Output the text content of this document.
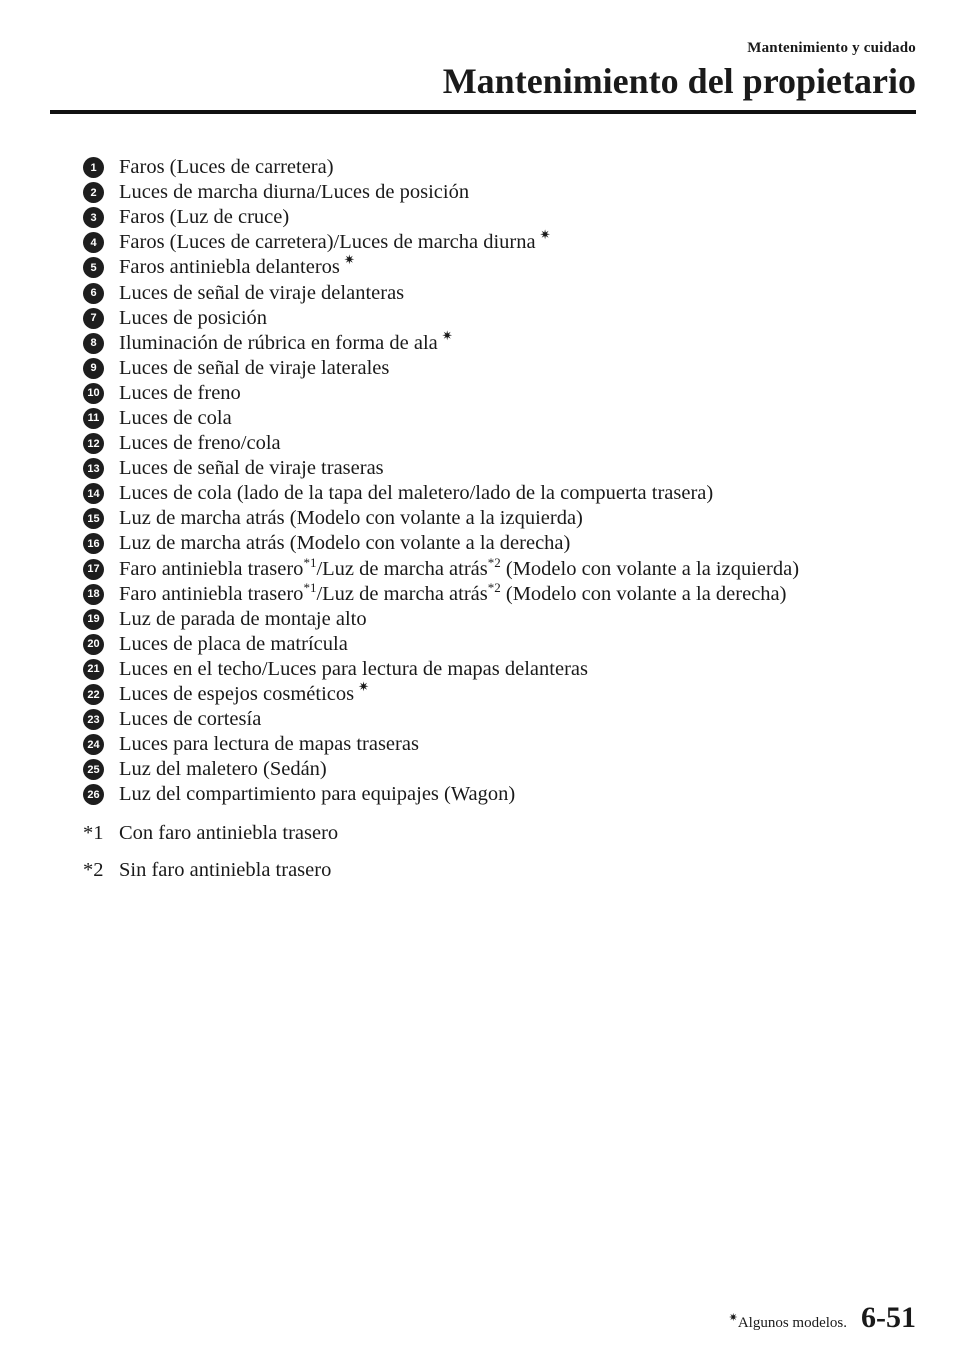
Mantenimiento y cuidado
Mantenimiento del propietario
1	Faros (Luces de carretera)
2	Luces de marcha diurna/Luces de posición
3	Faros (Luz de cruce)
4	Faros (Luces de carretera)/Luces de marcha diurna ✷
5	Faros antiniebla delanteros ✷
6	Luces de señal de viraje delanteras
7	Luces de posición
8	Iluminación de rúbrica en forma de ala ✷
9	Luces de señal de viraje laterales
10 Luces de freno
11 Luces de cola
12 Luces de freno/cola
13 Luces de señal de viraje traseras
14 Luces de cola (lado de la tapa del maletero/lado de la compuerta trasera)
15 Luz de marcha atrás (Modelo con volante a la izquierda)
16 Luz de marcha atrás (Modelo con volante a la derecha)
17 Faro antiniebla trasero$^{*1}$/Luz de marcha atrás$^{*2}$ (Modelo con volante a la izquierda)
18 Faro antiniebla trasero$^{*1}$/Luz de marcha atrás$^{*2}$ (Modelo con volante a la derecha)
19 Luz de parada de montaje alto
20 Luces de placa de matrícula
21 Luces en el techo/Luces para lectura de mapas delanteras
22 Luces de espejos cosméticos ✷
23 Luces de cortesía
24 Luces para lectura de mapas traseras
25 Luz del maletero (Sedán)
26 Luz del compartimiento para equipajes (Wagon)
*1 Con faro antiniebla trasero
*2 Sin faro antiniebla trasero
✷Algunos modelos. 6-51
